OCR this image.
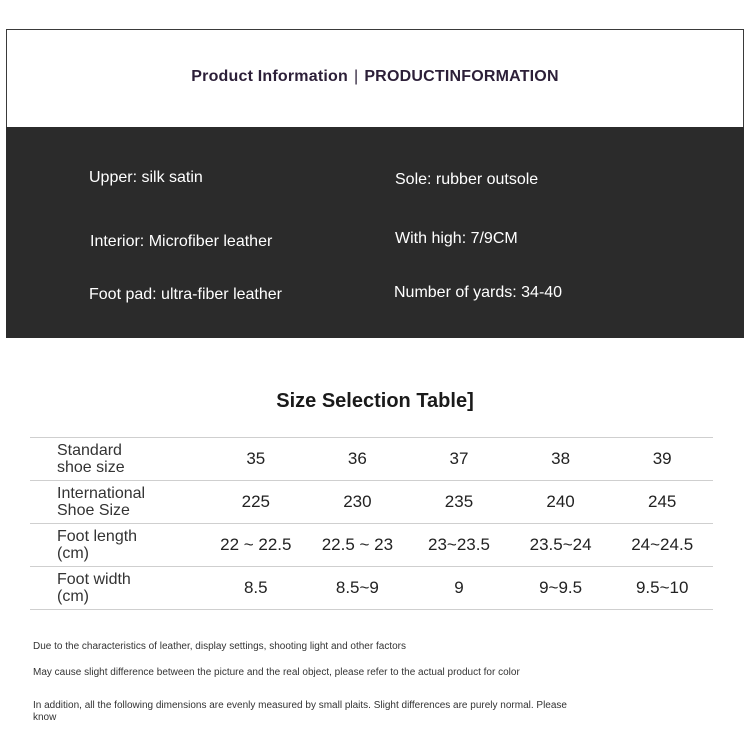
Product Information | PRODUCTINFORMATION
Upper: silk satin	Sole: rubber outsole
Interior: Microfiber leather	With high: 7/9CM
Foot pad: ultra-fiber leather	Number of yards: 34-40
Size Selection Table]
Standard
shoe size	35	36	37	38	39

International
Shoe Size	225	230	235	240	245

Foot length
(cm)	22 ~ 22.5	22.5 ~ 23	23~23.5	23.5~24	24~24.5

Foot width
(cm)	8.5	8.5~9	9	9~9.5	9.5~10
Due to the characteristics of leather, display settings, shooting light and other factors
May cause slight difference between the picture and the real object, please refer to the actual product for color
In addition, all the following dimensions are evenly measured by small plaits. Slight differences are purely normal. Please know
